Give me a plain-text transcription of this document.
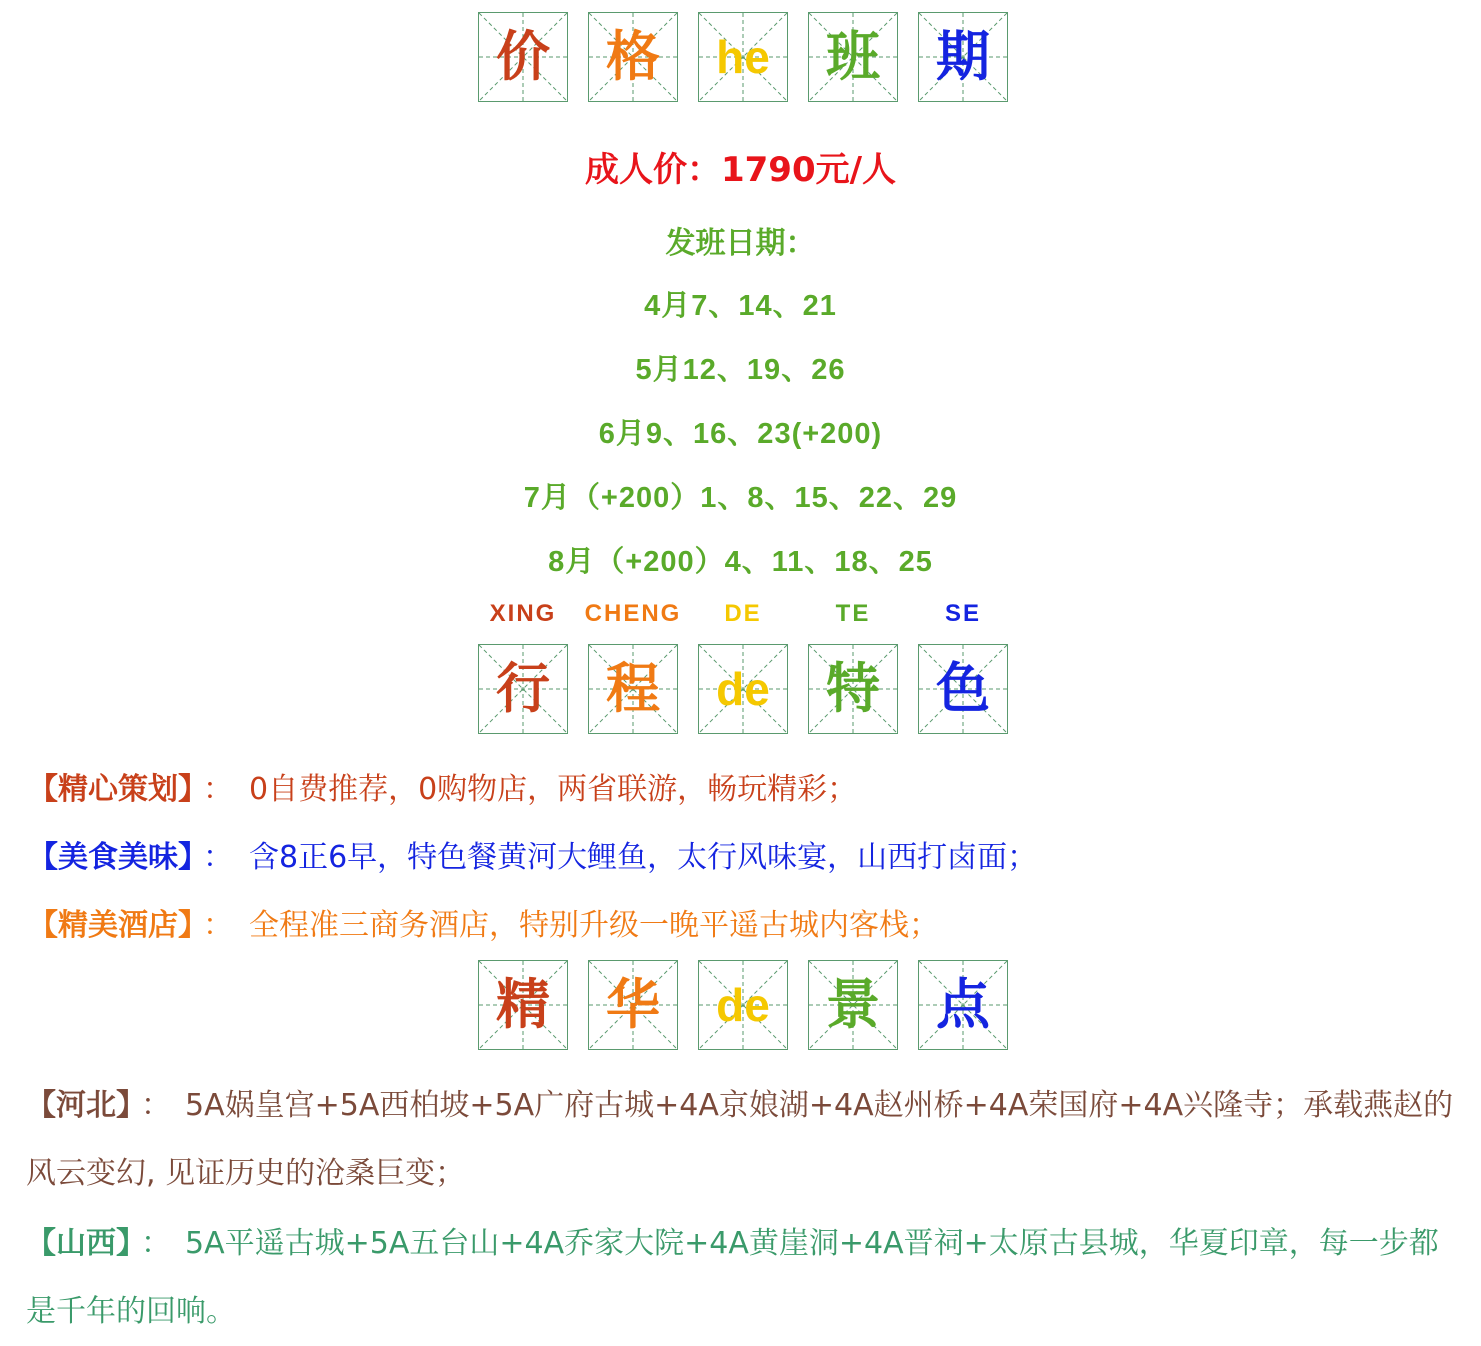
价 格 he 班 期
成人价：1790元/人
发班日期：
4月7、14、21
5月12、19、26
6月9、16、23(+200)
7月（+200）1、8、15、22、29
8月（+200）4、11、18、25
XING	CHENG	DE	TE	SE
行 程 de 特 色
【精心策划】 ： 0自费推荐，0购物店，两省联游，畅玩精彩；
【美食美味】 ： 含8正6早，特色餐黄河大鲤鱼，太行风味宴，山西打卤面；
【精美酒店】 ： 全程准三商务酒店，特别升级一晚平遥古城内客栈；
精 华 de 景 点
【河北】 ： 5A娲皇宫+5A西柏坡+5A广府古城+4A京娘湖+4A赵州桥+4A荣国府+4A兴隆寺；承载燕赵的风云变幻, 见证历史的沧桑巨变；
【山西】 ： 5A平遥古城+5A五台山+4A乔家大院+4A黄崖洞+4A晋祠+太原古县城，华夏印章，每一步都是千年的回响。
